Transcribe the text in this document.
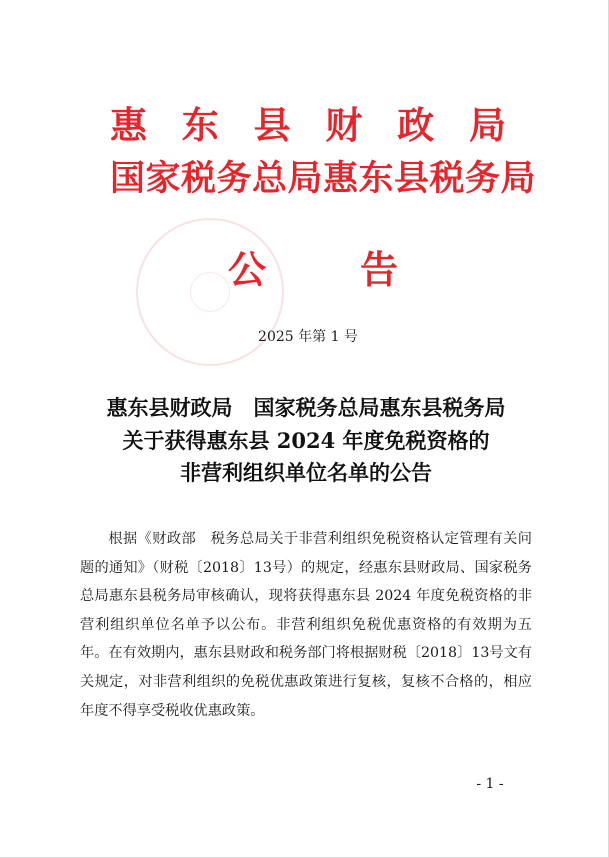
惠 东 县 财 政 局

国家税务总局惠东县税务局

公 告

2025 年第 1 号

惠东县财政局　国家税务总局惠东县税务局
关于获得惠东县 2024 年度免税资格的
非营利组织单位名单的公告

根据《财政部　税务总局关于非营利组织免税资格认定管理有关问题的通知》（财税〔2018〕13号）的规定，经惠东县财政局、国家税务总局惠东县税务局审核确认，现将获得惠东县 2024 年度免税资格的非营利组织单位名单予以公布。非营利组织免税优惠资格的有效期为五年。在有效期内，惠东县财政和税务部门将根据财税〔2018〕13号文有关规定，对非营利组织的免税优惠政策进行复核，复核不合格的，相应年度不得享受税收优惠政策。

- 1 -
